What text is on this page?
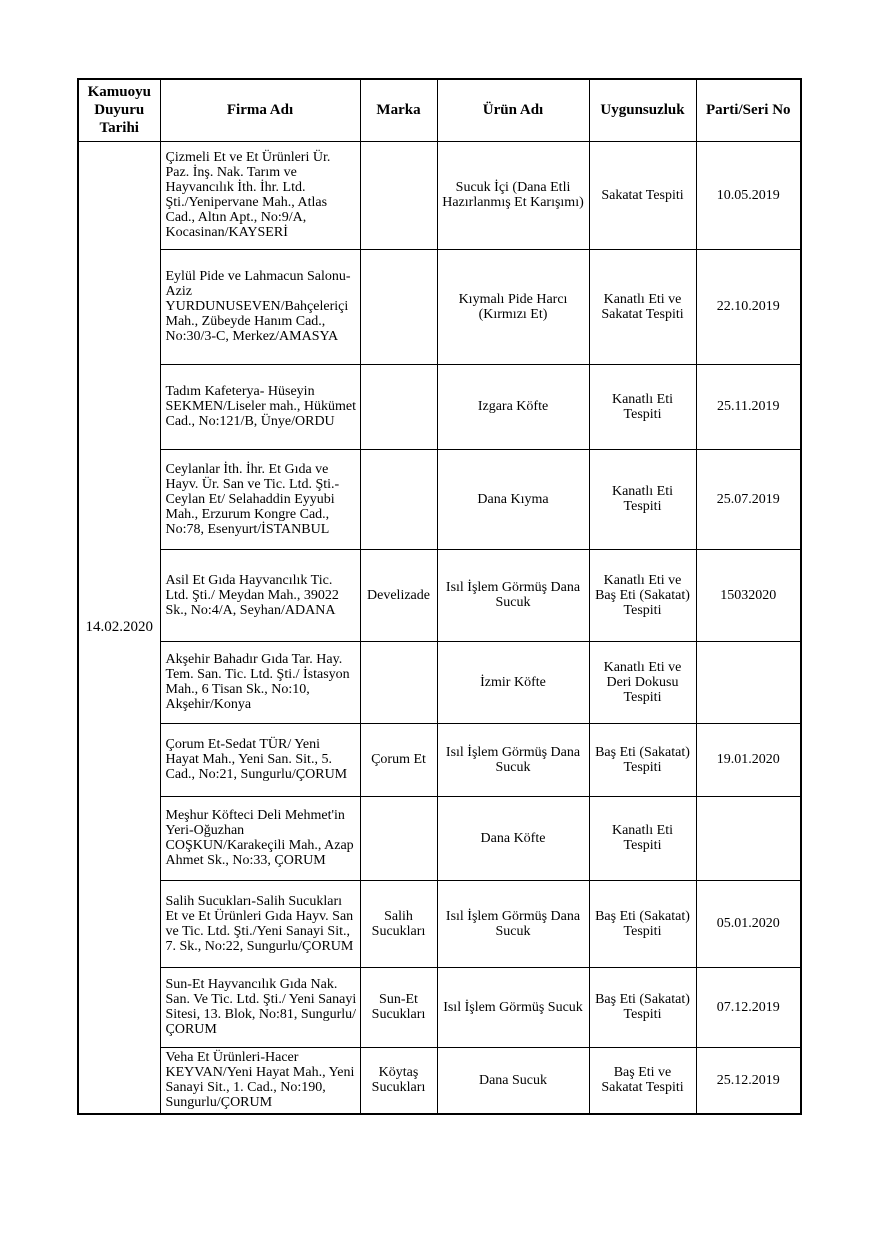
Kamuoyu Duyuru Tarihi	Firma Adı	Marka	Ürün Adı	Uygunsuzluk	Parti/Seri No
14.02.2020	Çizmeli Et ve Et Ürünleri Ür. Paz. İnş. Nak. Tarım ve Hayvancılık İth. İhr. Ltd. Şti./Yenipervane Mah., Atlas Cad., Altın Apt., No:9/A, Kocasinan/KAYSERİ		Sucuk İçi (Dana Etli Hazırlanmış Et Karışımı)	Sakatat Tespiti	10.05.2019
	Eylül Pide ve Lahmacun Salonu-Aziz YURDUNUSEVEN/Bahçeleriçi Mah., Zübeyde Hanım Cad., No:30/3-C, Merkez/AMASYA		Kıymalı Pide Harcı (Kırmızı Et)	Kanatlı Eti ve Sakatat Tespiti	22.10.2019
	Tadım Kafeterya- Hüseyin SEKMEN/Liseler mah., Hükümet Cad., No:121/B, Ünye/ORDU		Izgara Köfte	Kanatlı Eti Tespiti	25.11.2019
	Ceylanlar İth. İhr. Et Gıda ve Hayv. Ür. San ve Tic. Ltd. Şti.-Ceylan Et/ Selahaddin Eyyubi Mah., Erzurum Kongre Cad., No:78, Esenyurt/İSTANBUL		Dana Kıyma	Kanatlı Eti Tespiti	25.07.2019
	Asil Et Gıda Hayvancılık Tic. Ltd. Şti./ Meydan Mah., 39022 Sk., No:4/A, Seyhan/ADANA	Develizade	Isıl İşlem Görmüş Dana Sucuk	Kanatlı Eti ve Baş Eti (Sakatat) Tespiti	15032020
	Akşehir Bahadır Gıda Tar. Hay. Tem. San. Tic. Ltd. Şti./ İstasyon Mah., 6 Tisan Sk., No:10, Akşehir/Konya		İzmir Köfte	Kanatlı Eti ve Deri Dokusu Tespiti	
	Çorum Et-Sedat TÜR/ Yeni Hayat Mah., Yeni San. Sit., 5. Cad., No:21, Sungurlu/ÇORUM	Çorum Et	Isıl İşlem Görmüş Dana Sucuk	Baş Eti (Sakatat) Tespiti	19.01.2020
	Meşhur Köfteci Deli Mehmet'in Yeri-Oğuzhan COŞKUN/Karakeçili Mah., Azap Ahmet Sk., No:33, ÇORUM		Dana Köfte	Kanatlı Eti Tespiti	
	Salih Sucukları-Salih Sucukları Et ve Et Ürünleri Gıda Hayv. San ve Tic. Ltd. Şti./Yeni Sanayi Sit., 7. Sk., No:22, Sungurlu/ÇORUM	Salih Sucukları	Isıl İşlem Görmüş Dana Sucuk	Baş Eti (Sakatat) Tespiti	05.01.2020
	Sun-Et Hayvancılık Gıda Nak. San. Ve Tic. Ltd. Şti./ Yeni Sanayi Sitesi, 13. Blok, No:81, Sungurlu/ÇORUM	Sun-Et Sucukları	Isıl İşlem Görmüş Sucuk	Baş Eti (Sakatat) Tespiti	07.12.2019
	Veha Et Ürünleri-Hacer KEYVAN/Yeni Hayat Mah., Yeni Sanayi Sit., 1. Cad., No:190, Sungurlu/ÇORUM	Köytaş Sucukları	Dana Sucuk	Baş Eti ve Sakatat Tespiti	25.12.2019
